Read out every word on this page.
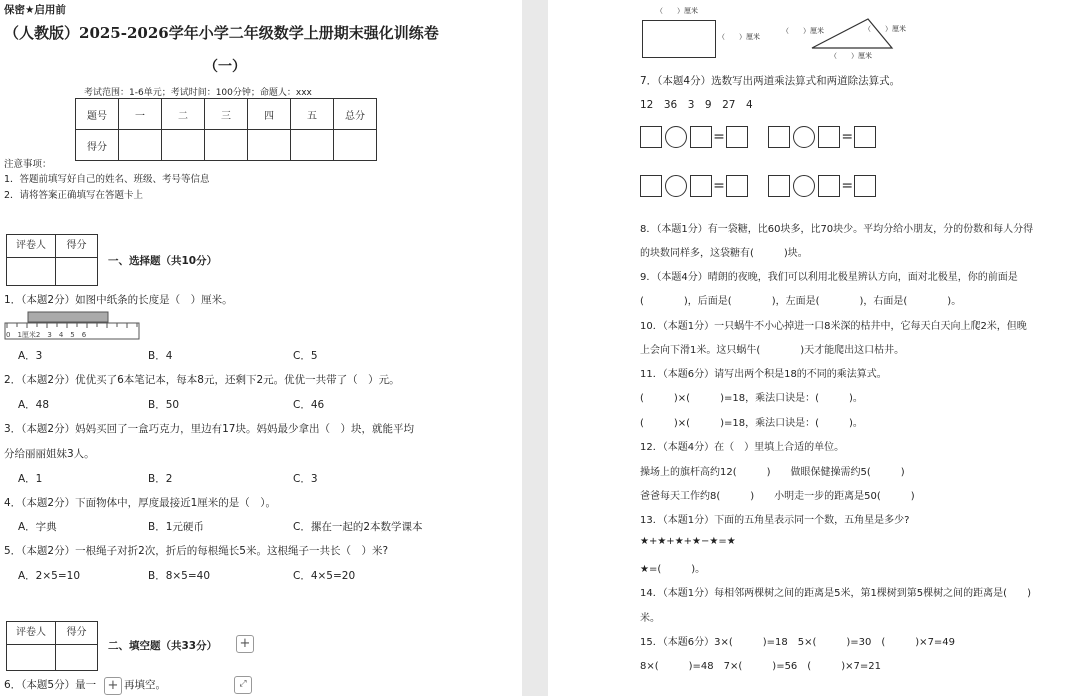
保密★启用前
（人教版）2025-2026学年小学二年级数学上册期末强化训练卷
（一）
考试范围：1-6单元；考试时间：100分钟；命题人：xxx
题号	一	二	三	四	五	总分
得分						
注意事项：
1．答题前填写好自己的姓名、班级、考号等信息
2．请将答案正确填写在答题卡上
评卷人	得分
一、选择题（共10分）
1．（本题2分）如图中纸条的长度是（　）厘米。
0　1厘米2　3　4　5　6
A．3	B．4	C．5
2．（本题2分）优优买了6本笔记本，每本8元，还剩下2元。优优一共带了（　）元。
A．48	B．50	C．46
3．（本题2分）妈妈买回了一盒巧克力，里边有17块。妈妈最少拿出（　）块，就能平均
分给丽丽姐妹3人。
A．1	B．2	C．3
4．（本题2分）下面物体中，厚度最接近1厘米的是（　）。
A．字典	B．1元硬币	C．摞在一起的2本数学课本
5．（本题2分）一根绳子对折2次，折后的每根绳长5米。这根绳子一共长（　）米?
A．2×5=10	B．8×5=40	C．4×5=20
评卷人	得分
二、填空题（共33分） +
6．（本题5分）量一 + 再填空。	⤢
（　　）厘米
（　　）厘米
（　　）厘米	（　　）厘米
（　　）厘米
7．（本题4分）选数写出两道乘法算式和两道除法算式。
12　36　3　9　27　4
=	=
=	=
8．（本题1分）有一袋糖，比60块多，比70块少。平均分给小朋友，分的份数和每人分得
的块数同样多，这袋糖有(　　　)块。
9．（本题4分）晴朗的夜晚，我们可以利用北极星辨认方向，面对北极星，你的前面是
(　　　　)，后面是(　　　　)，左面是(　　　　)，右面是(　　　　)。
10．（本题1分）一只蜗牛不小心掉进一口8米深的枯井中，它每天白天向上爬2米，但晚
上会向下滑1米。这只蜗牛(　　　　)天才能爬出这口枯井。
11．（本题6分）请写出两个积是18的不同的乘法算式。
(　　　)×(　　　)=18，乘法口诀是：(　　　)。
(　　　)×(　　　)=18，乘法口诀是：(　　　)。
12．（本题4分）在（　）里填上合适的单位。
操场上的旗杆高约12(　　　)　　做眼保健操需约5(　　　)
爸爸每天工作约8(　　　)　　小明走一步的距离是50(　　　)
13．（本题1分）下面的五角星表示同一个数，五角星是多少?
★+★+★+★−★=★
★=(　　　)。
14．（本题1分）每相邻两棵树之间的距离是5米，第1棵树到第5棵树之间的距离是(　　)
米。
15．（本题6分）3×(　　　)=18　5×(　　　)=30　(　　　)×7=49
8×(　　　)=48　7×(　　　)=56　(　　　)×7=21
